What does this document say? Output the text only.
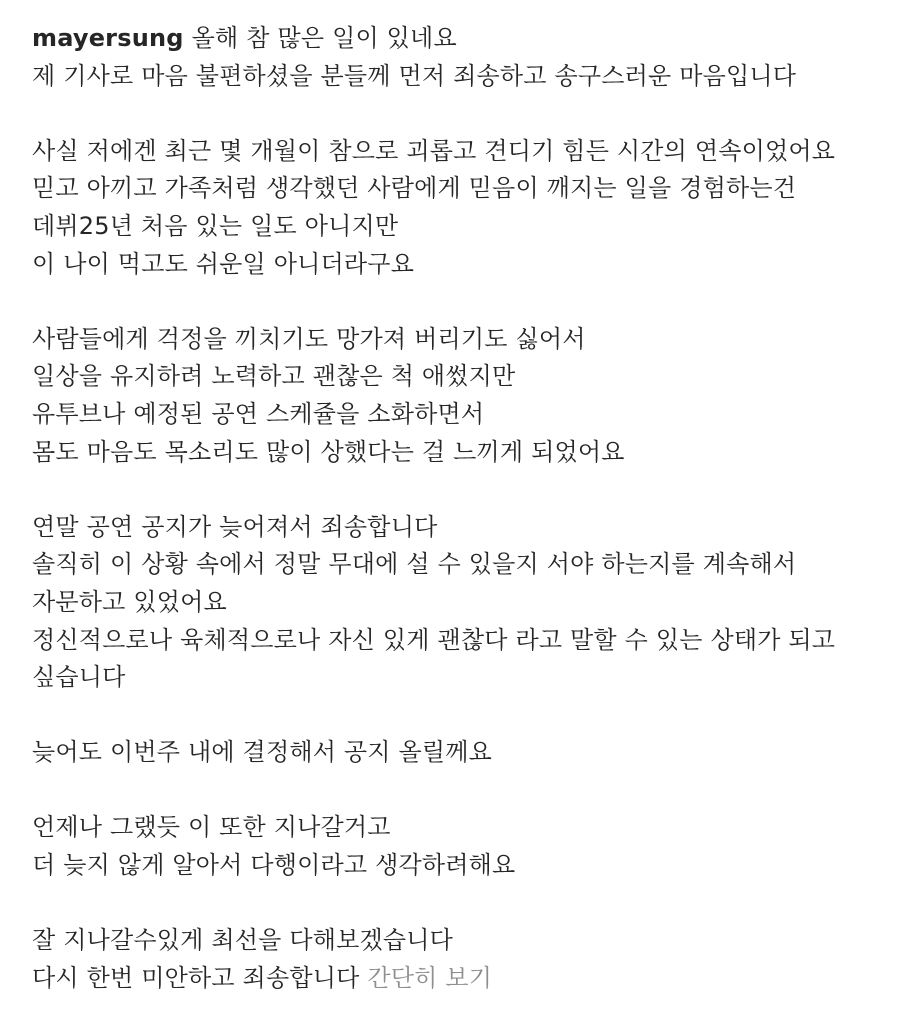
mayersung 올해 참 많은 일이 있네요
제 기사로 마음 불편하셨을 분들께 먼저 죄송하고 송구스러운 마음입니다
사실 저에겐 최근 몇 개월이 참으로 괴롭고 견디기 힘든 시간의 연속이었어요
믿고 아끼고 가족처럼 생각했던 사람에게 믿음이 깨지는 일을 경험하는건
데뷔25년 처음 있는 일도 아니지만
이 나이 먹고도 쉬운일 아니더라구요
사람들에게 걱정을 끼치기도 망가져 버리기도 싫어서
일상을 유지하려 노력하고 괜찮은 척 애썼지만
유투브나 예정된 공연 스케쥴을 소화하면서
몸도 마음도 목소리도 많이 상했다는 걸 느끼게 되었어요
연말 공연 공지가 늦어져서 죄송합니다
솔직히 이 상황 속에서 정말 무대에 설 수 있을지 서야 하는지를 계속해서
자문하고 있었어요
정신적으로나 육체적으로나 자신 있게 괜찮다 라고 말할 수 있는 상태가 되고
싶습니다
늦어도 이번주 내에 결정해서 공지 올릴께요
언제나 그랬듯 이 또한 지나갈거고
더 늦지 않게 알아서 다행이라고 생각하려해요
잘 지나갈수있게 최선을 다해보겠습니다
다시 한번 미안하고 죄송합니다 간단히 보기
